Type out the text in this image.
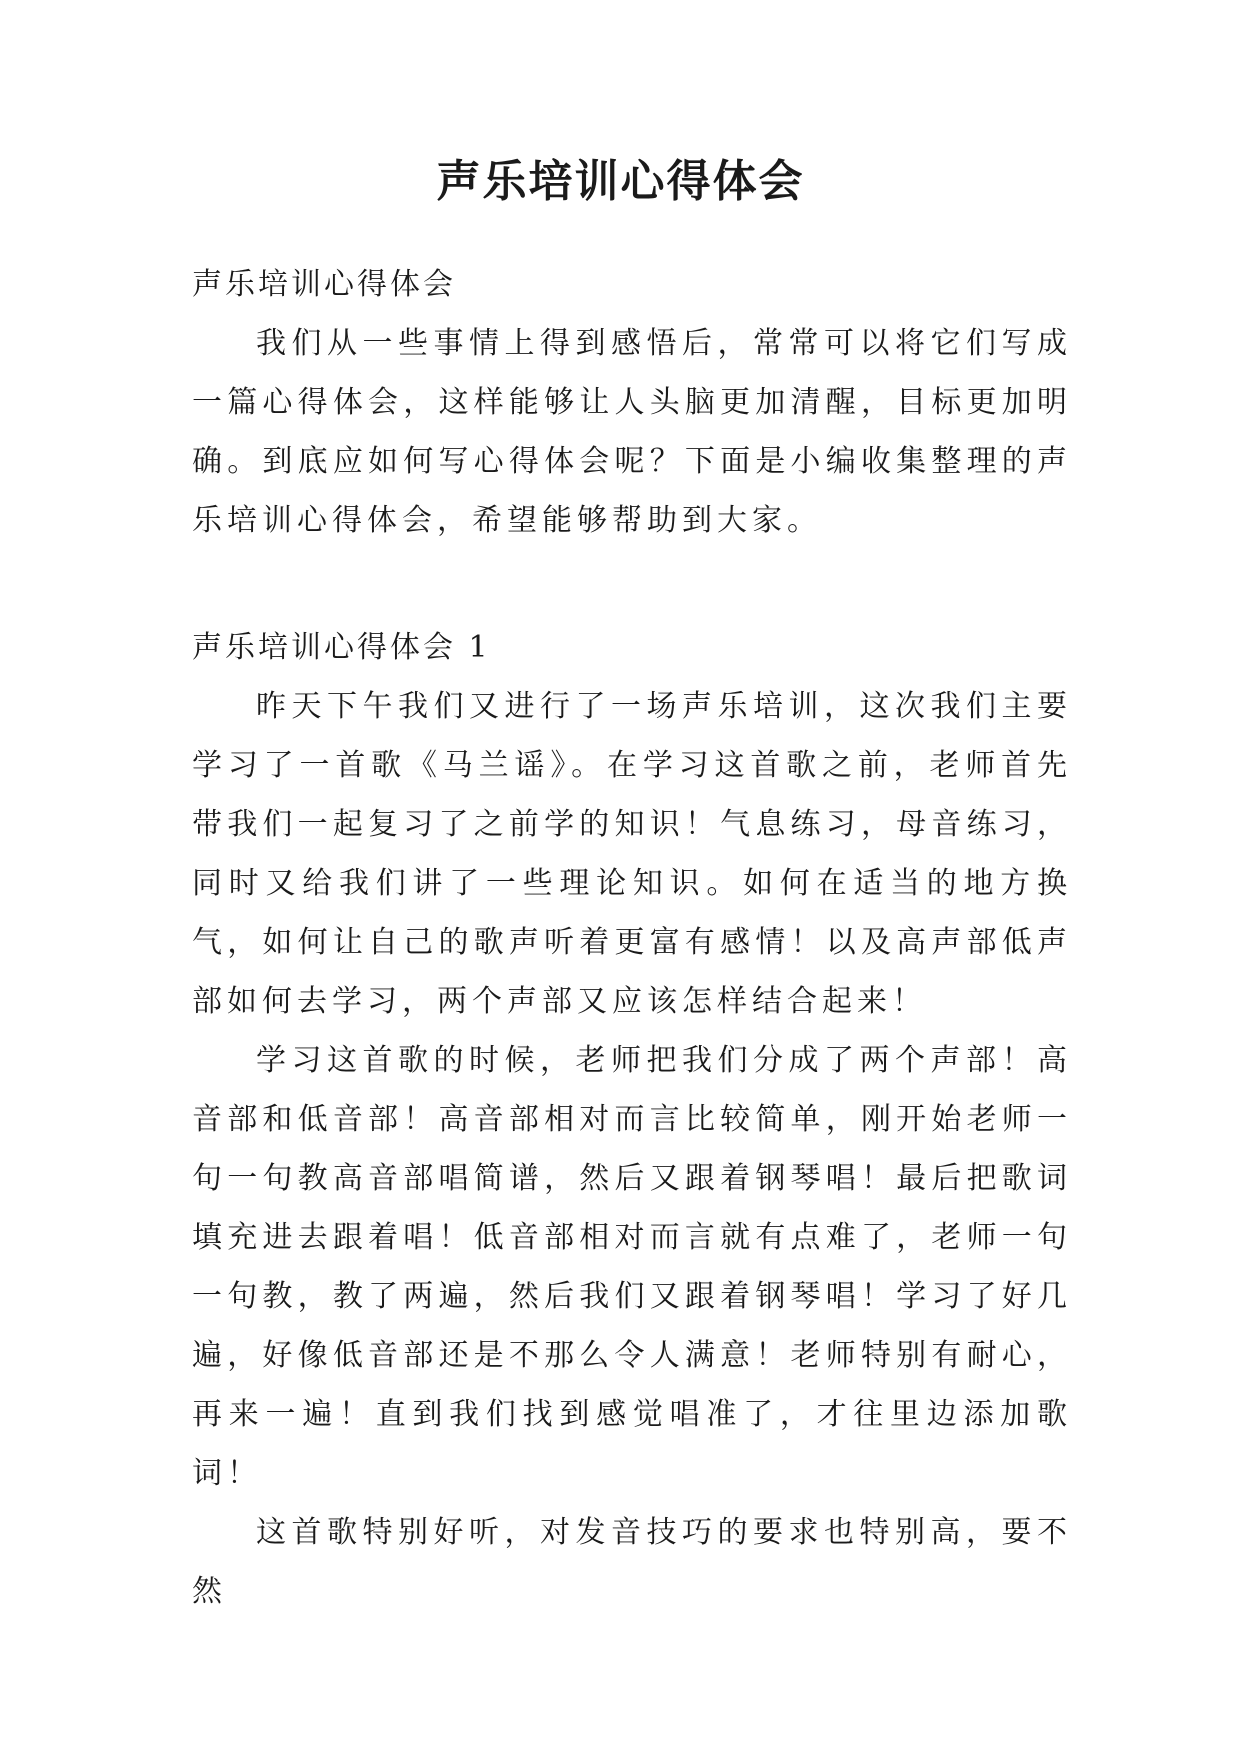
声乐培训心得体会
声乐培训心得体会

我们从一些事情上得到感悟后，常常可以将它们写成一篇心得体会，这样能够让人头脑更加清醒，目标更加明确。到底应如何写心得体会呢？下面是小编收集整理的声乐培训心得体会，希望能够帮助到大家。

声乐培训心得体会 1

昨天下午我们又进行了一场声乐培训，这次我们主要学习了一首歌《马兰谣》。在学习这首歌之前，老师首先带我们一起复习了之前学的知识！气息练习，母音练习，同时又给我们讲了一些理论知识。如何在适当的地方换气，如何让自己的歌声听着更富有感情！以及高声部低声部如何去学习，两个声部又应该怎样结合起来！

学习这首歌的时候，老师把我们分成了两个声部！高音部和低音部！高音部相对而言比较简单，刚开始老师一句一句教高音部唱简谱，然后又跟着钢琴唱！最后把歌词填充进去跟着唱！低音部相对而言就有点难了，老师一句一句教，教了两遍，然后我们又跟着钢琴唱！学习了好几遍，好像低音部还是不那么令人满意！老师特别有耐心，再来一遍！直到我们找到感觉唱准了，才往里边添加歌词！

这首歌特别好听，对发音技巧的要求也特别高，要不然
